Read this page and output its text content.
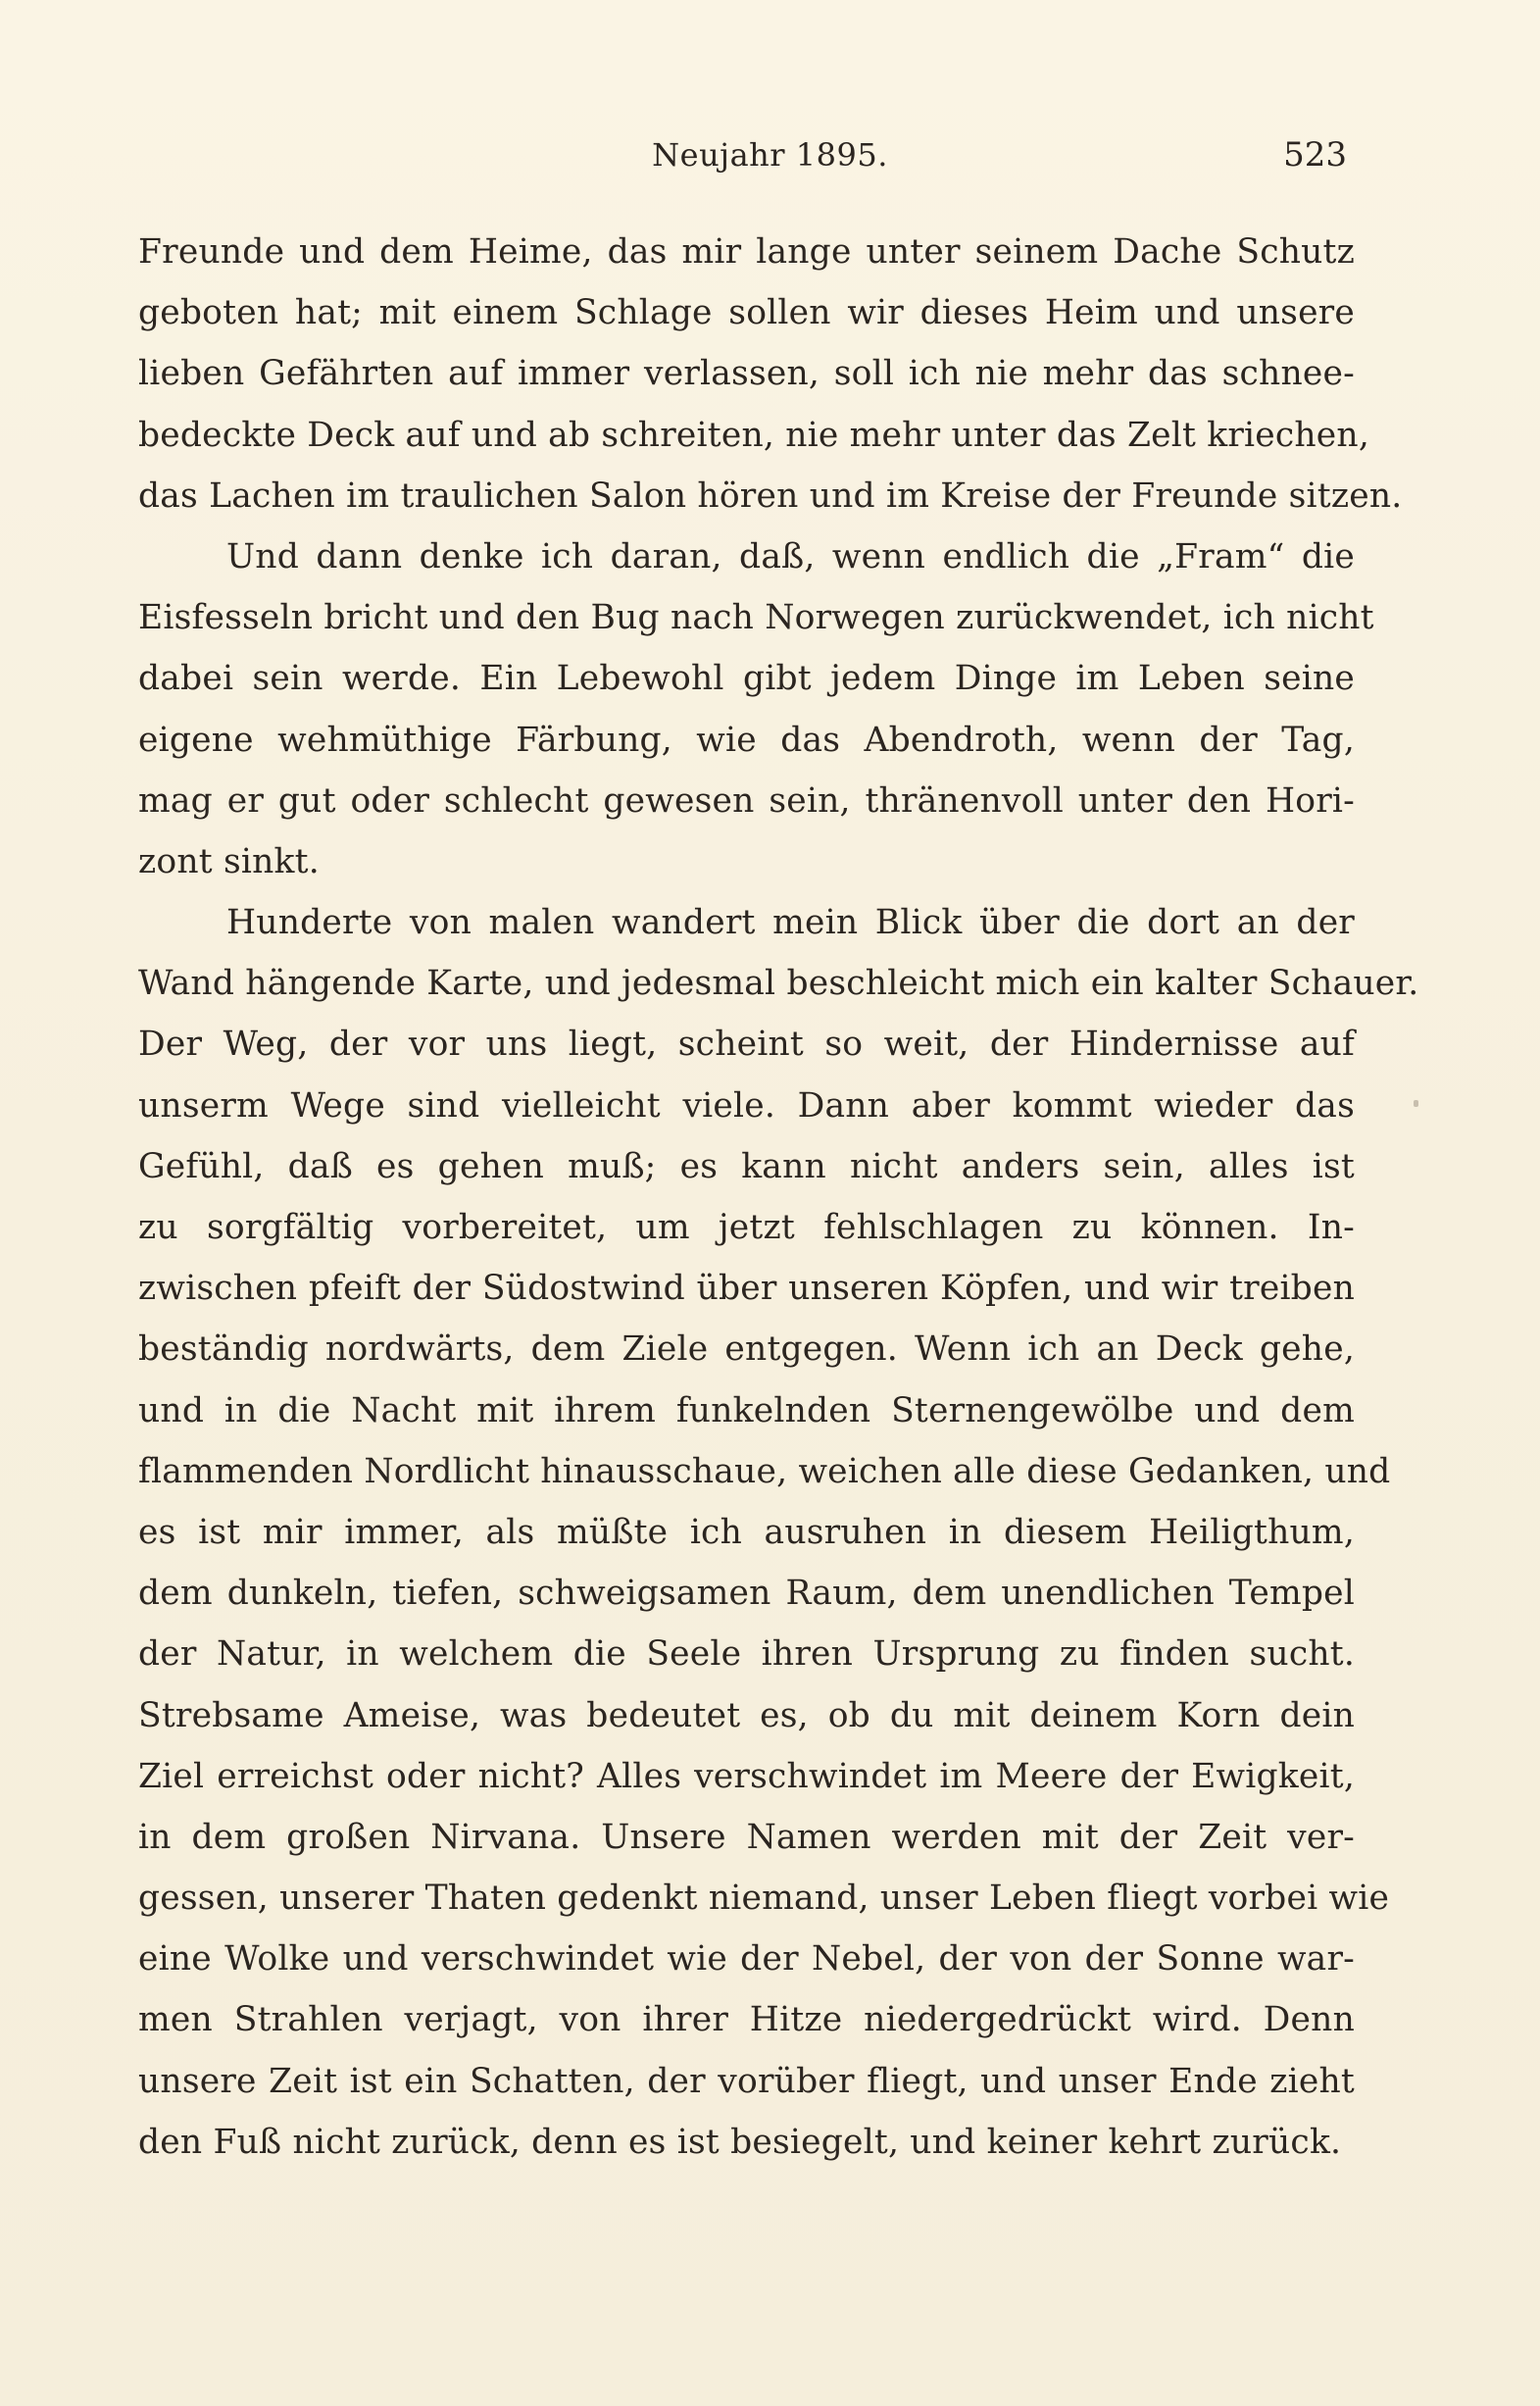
Neujahr 1895.	523
Freunde und dem Heime, das mir lange unter seinem Dache Schutz
geboten hat; mit einem Schlage sollen wir dieses Heim und unsere
lieben Gefährten auf immer verlassen, soll ich nie mehr das schnee-
bedeckte Deck auf und ab schreiten, nie mehr unter das Zelt kriechen,
das Lachen im traulichen Salon hören und im Kreise der Freunde sitzen.
Und dann denke ich daran, daß, wenn endlich die „Fram“ die
Eisfesseln bricht und den Bug nach Norwegen zurückwendet, ich nicht
dabei sein werde. Ein Lebewohl gibt jedem Dinge im Leben seine
eigene wehmüthige Färbung, wie das Abendroth, wenn der Tag,
mag er gut oder schlecht gewesen sein, thränenvoll unter den Hori-
zont sinkt.
Hunderte von malen wandert mein Blick über die dort an der
Wand hängende Karte, und jedesmal beschleicht mich ein kalter Schauer.
Der Weg, der vor uns liegt, scheint so weit, der Hindernisse auf
unserm Wege sind vielleicht viele. Dann aber kommt wieder das
Gefühl, daß es gehen muß; es kann nicht anders sein, alles ist
zu sorgfältig vorbereitet, um jetzt fehlschlagen zu können. In-
zwischen pfeift der Südostwind über unseren Köpfen, und wir treiben
beständig nordwärts, dem Ziele entgegen. Wenn ich an Deck gehe,
und in die Nacht mit ihrem funkelnden Sternengewölbe und dem
flammenden Nordlicht hinausschaue, weichen alle diese Gedanken, und
es ist mir immer, als müßte ich ausruhen in diesem Heiligthum,
dem dunkeln, tiefen, schweigsamen Raum, dem unendlichen Tempel
der Natur, in welchem die Seele ihren Ursprung zu finden sucht.
Strebsame Ameise, was bedeutet es, ob du mit deinem Korn dein
Ziel erreichst oder nicht? Alles verschwindet im Meere der Ewigkeit,
in dem großen Nirvana. Unsere Namen werden mit der Zeit ver-
gessen, unserer Thaten gedenkt niemand, unser Leben fliegt vorbei wie
eine Wolke und verschwindet wie der Nebel, der von der Sonne war-
men Strahlen verjagt, von ihrer Hitze niedergedrückt wird. Denn
unsere Zeit ist ein Schatten, der vorüber fliegt, und unser Ende zieht
den Fuß nicht zurück, denn es ist besiegelt, und keiner kehrt zurück.
